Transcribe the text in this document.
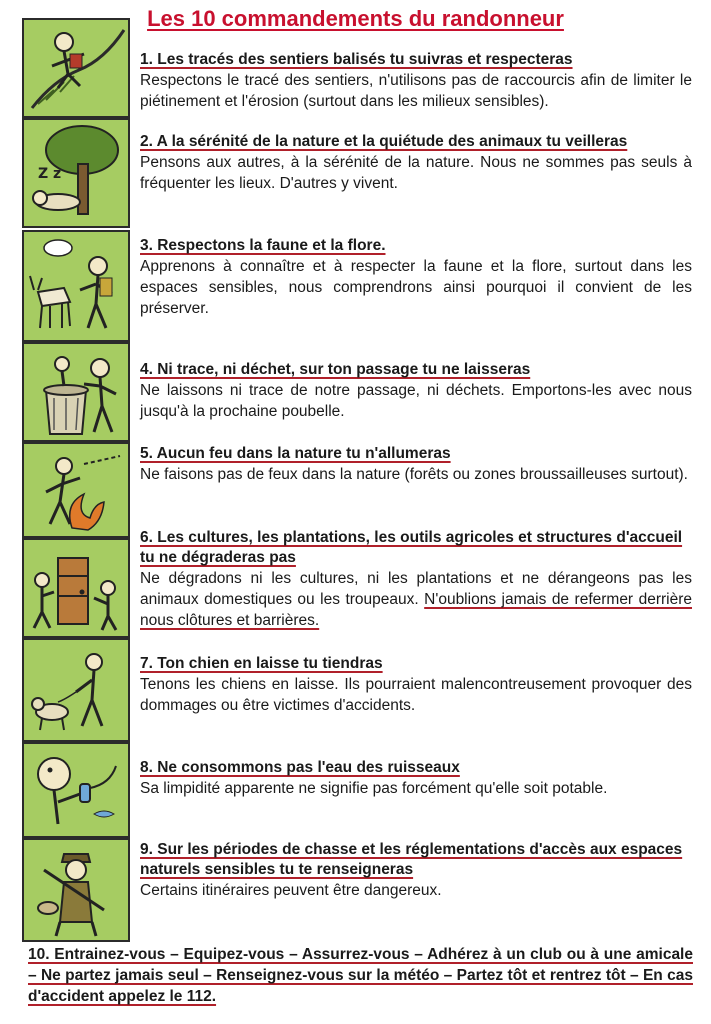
Les 10 commandements du randonneur
Z z
1. Les tracés des sentiers balisés tu suivras et respecteras
Respectons le tracé des sentiers, n'utilisons pas de raccourcis afin de limiter le piétinement et l'érosion (surtout dans les milieux sensibles).
2. A la sérénité de la nature et la quiétude des animaux tu veilleras
Pensons aux autres, à la sérénité de la nature. Nous ne sommes pas seuls à fréquenter les lieux. D'autres y vivent.
3. Respectons la faune et la flore.
Apprenons à connaître et à respecter la faune et la flore, surtout dans les espaces sensibles, nous comprendrons ainsi pourquoi il convient de les préserver.
4. Ni trace, ni déchet, sur ton passage tu ne laisseras
Ne laissons ni trace de notre passage, ni déchets. Emportons-les avec nous jusqu'à la prochaine poubelle.
5. Aucun feu dans la nature tu n'allumeras
Ne faisons pas de feux dans la nature (forêts ou zones broussailleuses surtout).
6. Les cultures, les plantations, les outils agricoles et structures d'accueil tu ne dégraderas pas
Ne dégradons ni les cultures, ni les plantations et ne dérangeons pas les animaux domestiques ou les troupeaux. N'oublions jamais de refermer derrière nous clôtures et barrières.
7. Ton chien en laisse tu tiendras
Tenons les chiens en laisse. Ils pourraient malencontreusement provoquer des dommages ou être victimes d'accidents.
8. Ne consommons pas l'eau des ruisseaux
Sa limpidité apparente ne signifie pas forcément qu'elle soit potable.
9. Sur les périodes de chasse et les réglementations d'accès aux espaces naturels sensibles tu te renseigneras
Certains itinéraires peuvent être dangereux.
10. Entrainez-vous – Equipez-vous – Assurrez-vous – Adhérez à un club ou à une amicale – Ne partez jamais seul – Renseignez-vous sur la météo – Partez tôt et rentrez tôt – En cas d'accident appelez le 112.
